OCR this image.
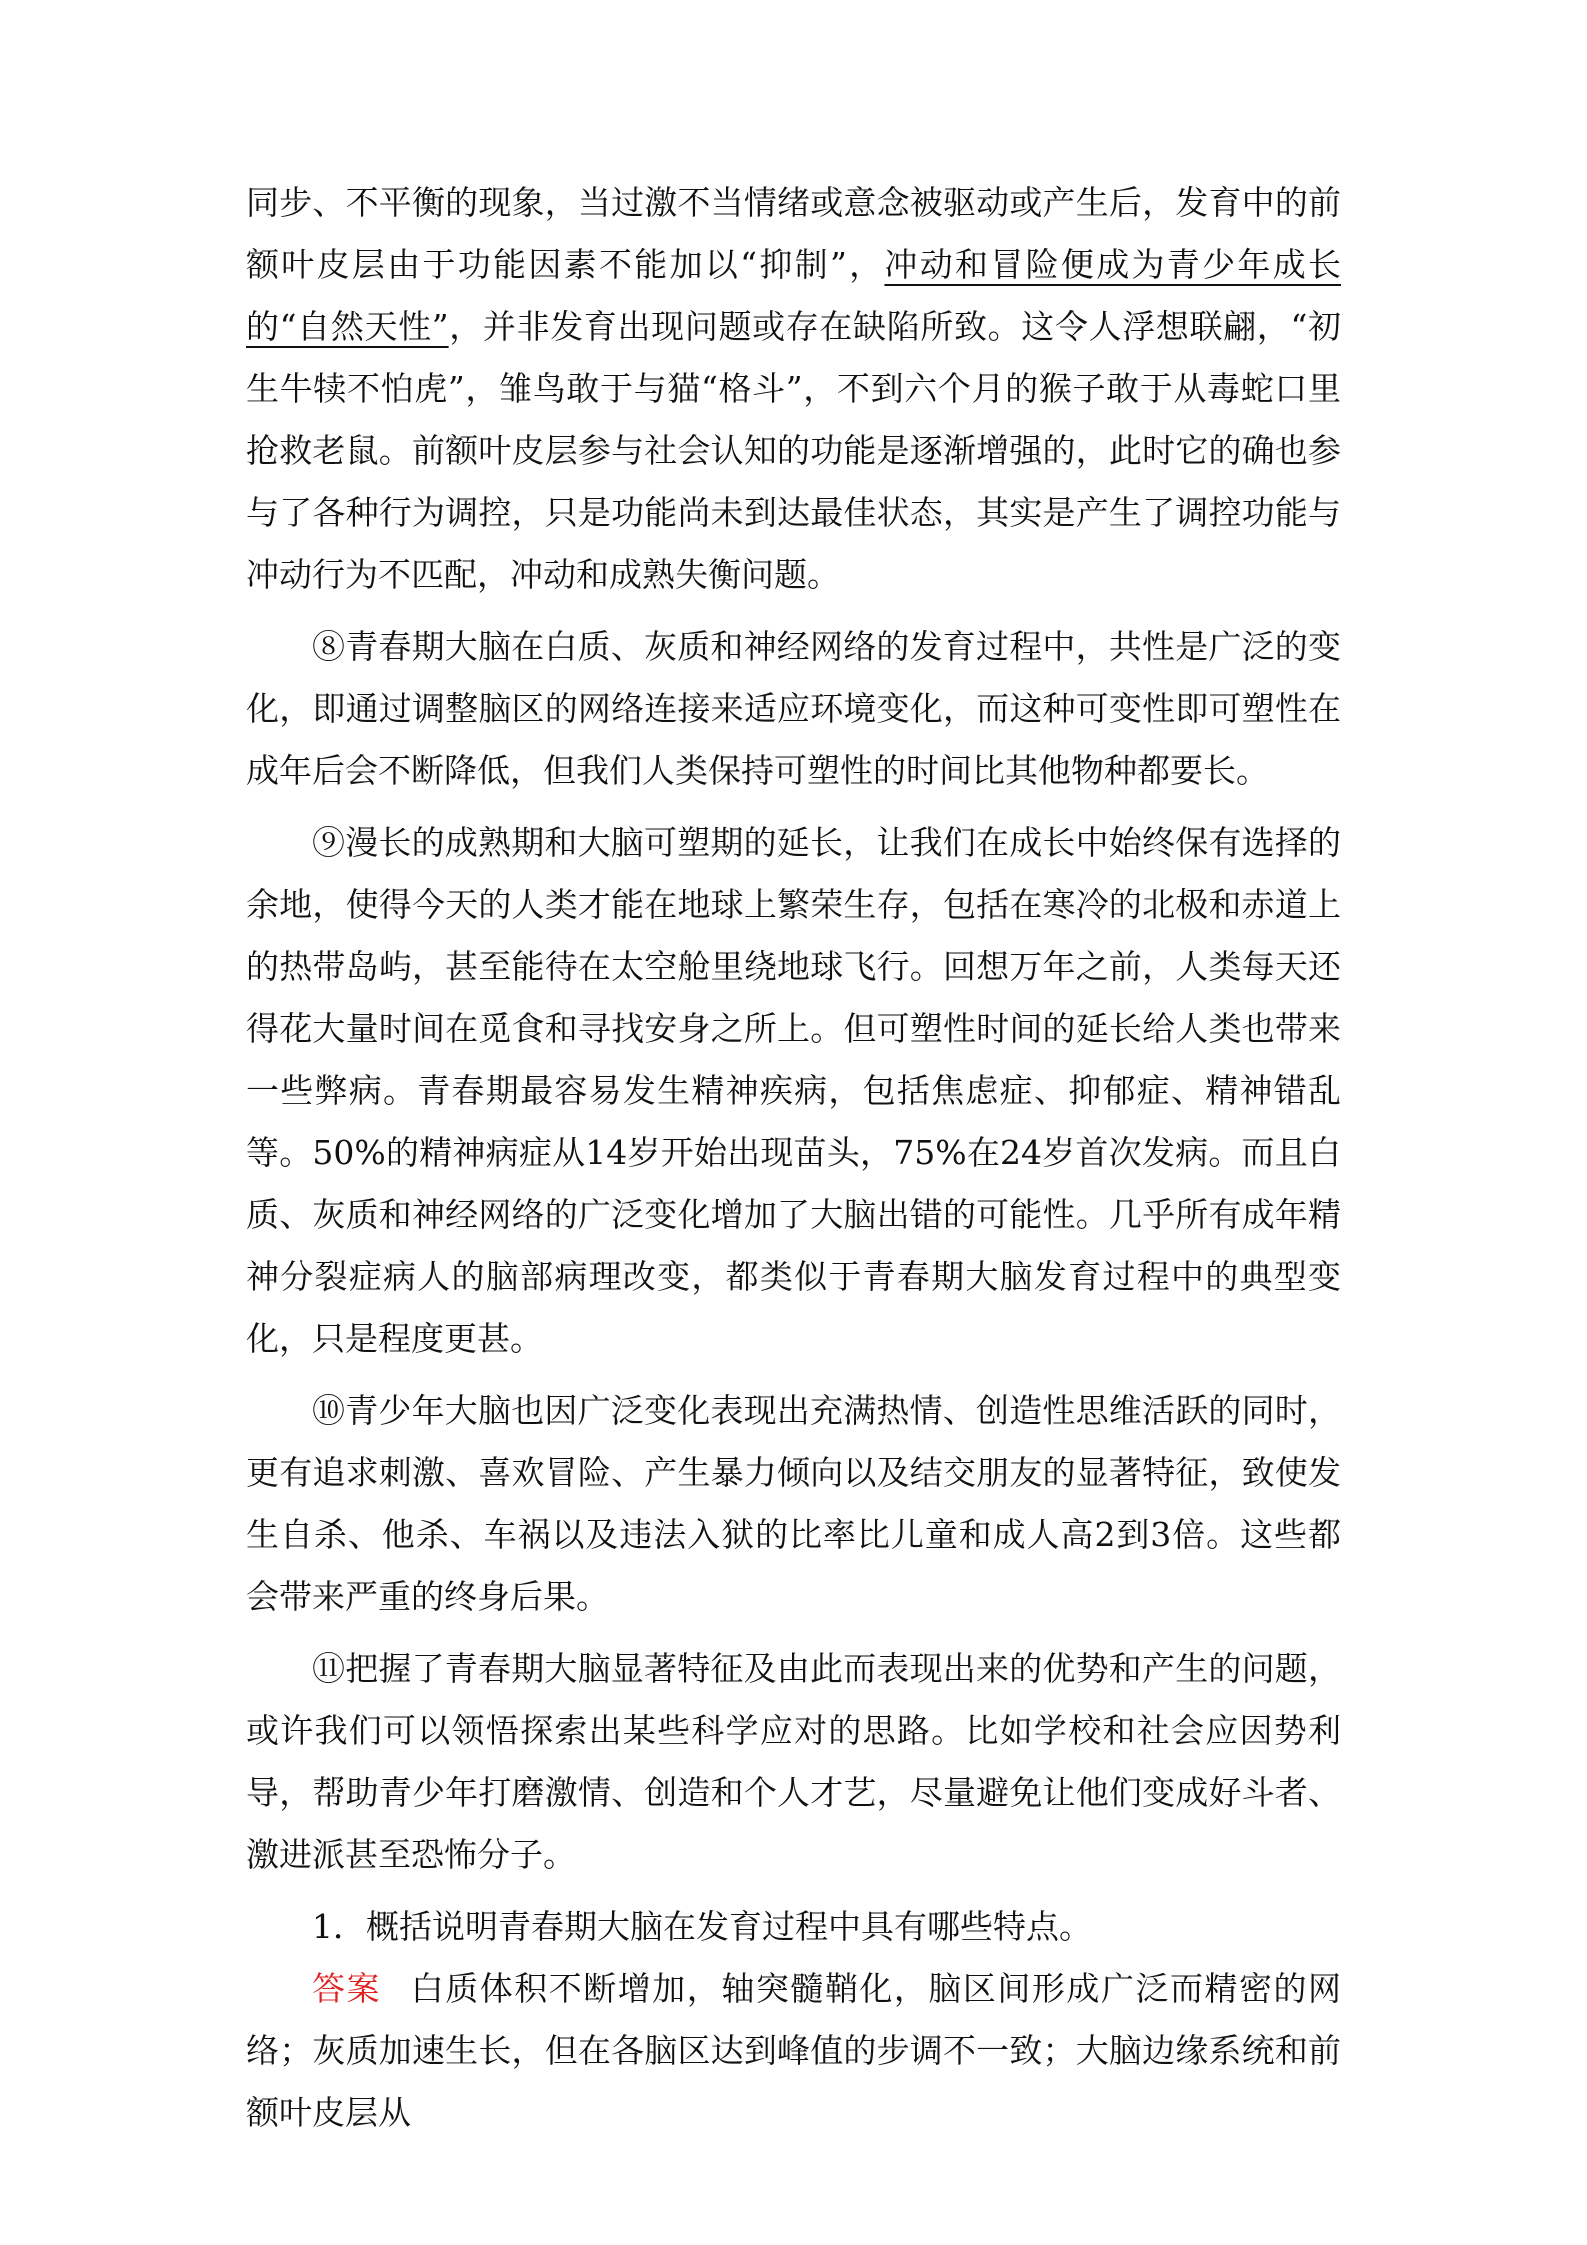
同步、不平衡的现象，当过激不当情绪或意念被驱动或产生后，发育中的前额叶皮层由于功能因素不能加以“抑制”，冲动和冒险便成为青少年成长的“自然天性”，并非发育出现问题或存在缺陷所致。这令人浮想联翩，“初生牛犊不怕虎”，雏鸟敢于与猫“格斗”，不到六个月的猴子敢于从毒蛇口里抢救老鼠。前额叶皮层参与社会认知的功能是逐渐增强的，此时它的确也参与了各种行为调控，只是功能尚未到达最佳状态，其实是产生了调控功能与冲动行为不匹配，冲动和成熟失衡问题。

⑧青春期大脑在白质、灰质和神经网络的发育过程中，共性是广泛的变化，即通过调整脑区的网络连接来适应环境变化，而这种可变性即可塑性在成年后会不断降低，但我们人类保持可塑性的时间比其他物种都要长。

⑨漫长的成熟期和大脑可塑期的延长，让我们在成长中始终保有选择的余地，使得今天的人类才能在地球上繁荣生存，包括在寒冷的北极和赤道上的热带岛屿，甚至能待在太空舱里绕地球飞行。回想万年之前，人类每天还得花大量时间在觅食和寻找安身之所上。但可塑性时间的延长给人类也带来一些弊病。青春期最容易发生精神疾病，包括焦虑症、抑郁症、精神错乱等。50%的精神病症从14岁开始出现苗头，75%在24岁首次发病。而且白质、灰质和神经网络的广泛变化增加了大脑出错的可能性。几乎所有成年精神分裂症病人的脑部病理改变，都类似于青春期大脑发育过程中的典型变化，只是程度更甚。

⑩青少年大脑也因广泛变化表现出充满热情、创造性思维活跃的同时，更有追求刺激、喜欢冒险、产生暴力倾向以及结交朋友的显著特征，致使发生自杀、他杀、车祸以及违法入狱的比率比儿童和成人高2到3倍。这些都会带来严重的终身后果。

⑪把握了青春期大脑显著特征及由此而表现出来的优势和产生的问题，或许我们可以领悟探索出某些科学应对的思路。比如学校和社会应因势利导，帮助青少年打磨激情、创造和个人才艺，尽量避免让他们变成好斗者、激进派甚至恐怖分子。

1．概括说明青春期大脑在发育过程中具有哪些特点。

答案 白质体积不断增加，轴突髓鞘化，脑区间形成广泛而精密的网络；灰质加速生长，但在各脑区达到峰值的步调不一致；大脑边缘系统和前额叶皮层从
